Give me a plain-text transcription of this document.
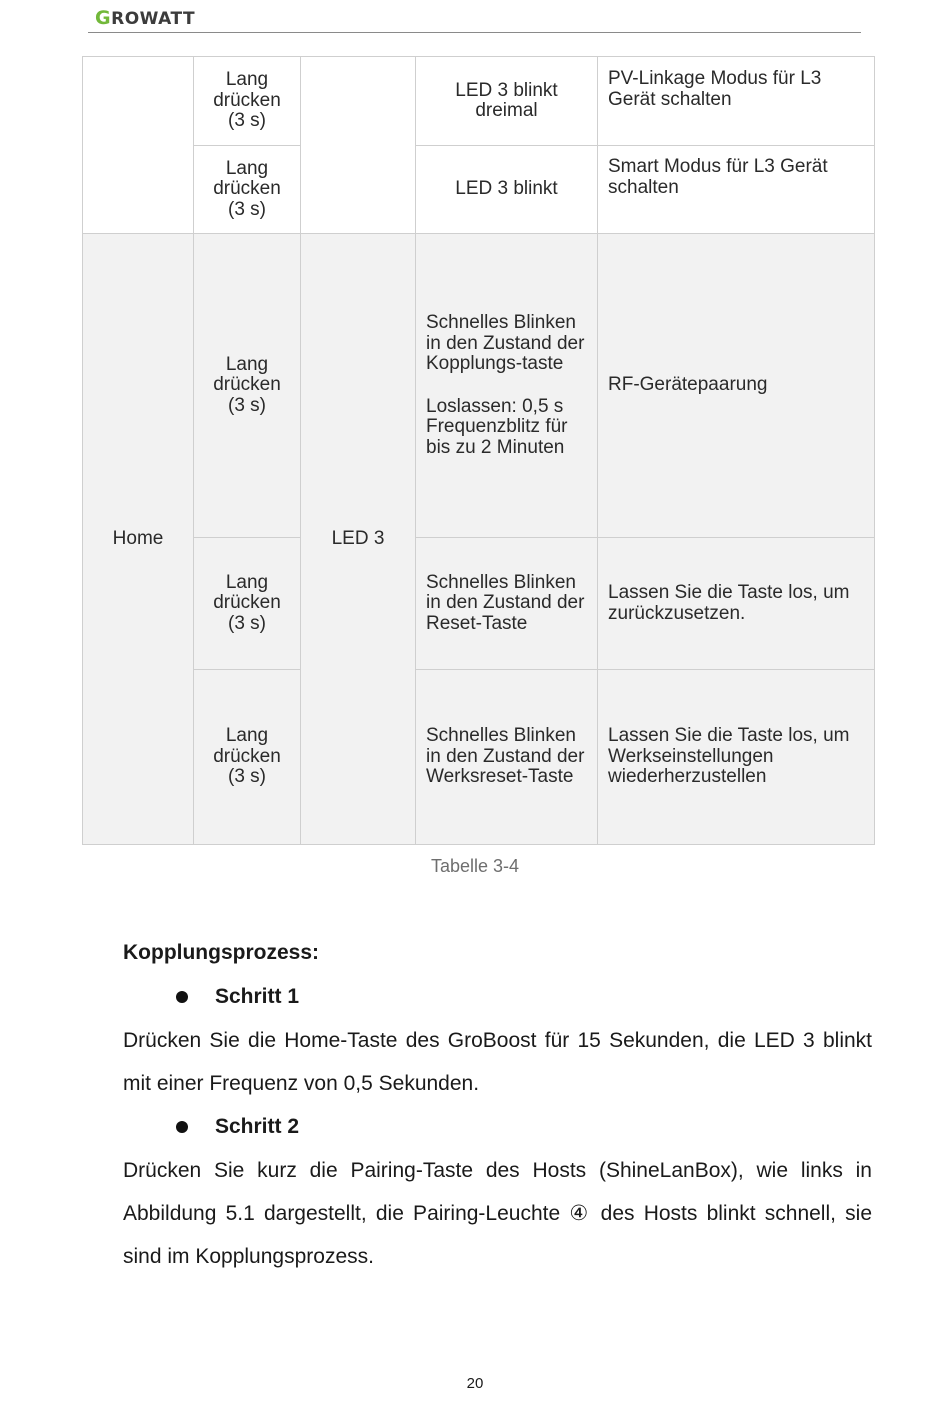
GROWATT
Home
Lang drücken (3 s)
Lang drücken (3 s)
Lang drücken (3 s)
Lang drücken (3 s)
Lang drücken (3 s)
LED 3
LED 3 blinkt dreimal
LED 3 blinkt
Schnelles Blinken in den Zustand der Kopplungs-taste
Loslassen: 0,5 s Frequenzblitz für bis zu 2 Minuten
Schnelles Blinken in den Zustand der Reset-Taste
Schnelles Blinken in den Zustand der Werksreset-Taste
PV-Linkage Modus für L3 Gerät schalten
Smart Modus für L3 Gerät schalten
RF-Gerätepaarung
Lassen Sie die Taste los, um zurückzusetzen.
Lassen Sie die Taste los, um Werkseinstellungen wiederherzustellen
Tabelle 3-4
Kopplungsprozess:
Schritt 1
Drücken Sie die Home-Taste des GroBoost für 15 Sekunden, die LED 3 blinkt mit einer Frequenz von 0,5 Sekunden.
Schritt 2
Drücken Sie kurz die Pairing-Taste des Hosts (ShineLanBox), wie links in Abbildung 5.1 dargestellt, die Pairing-Leuchte ④ des Hosts blinkt schnell, sie sind im Kopplungsprozess.
20
